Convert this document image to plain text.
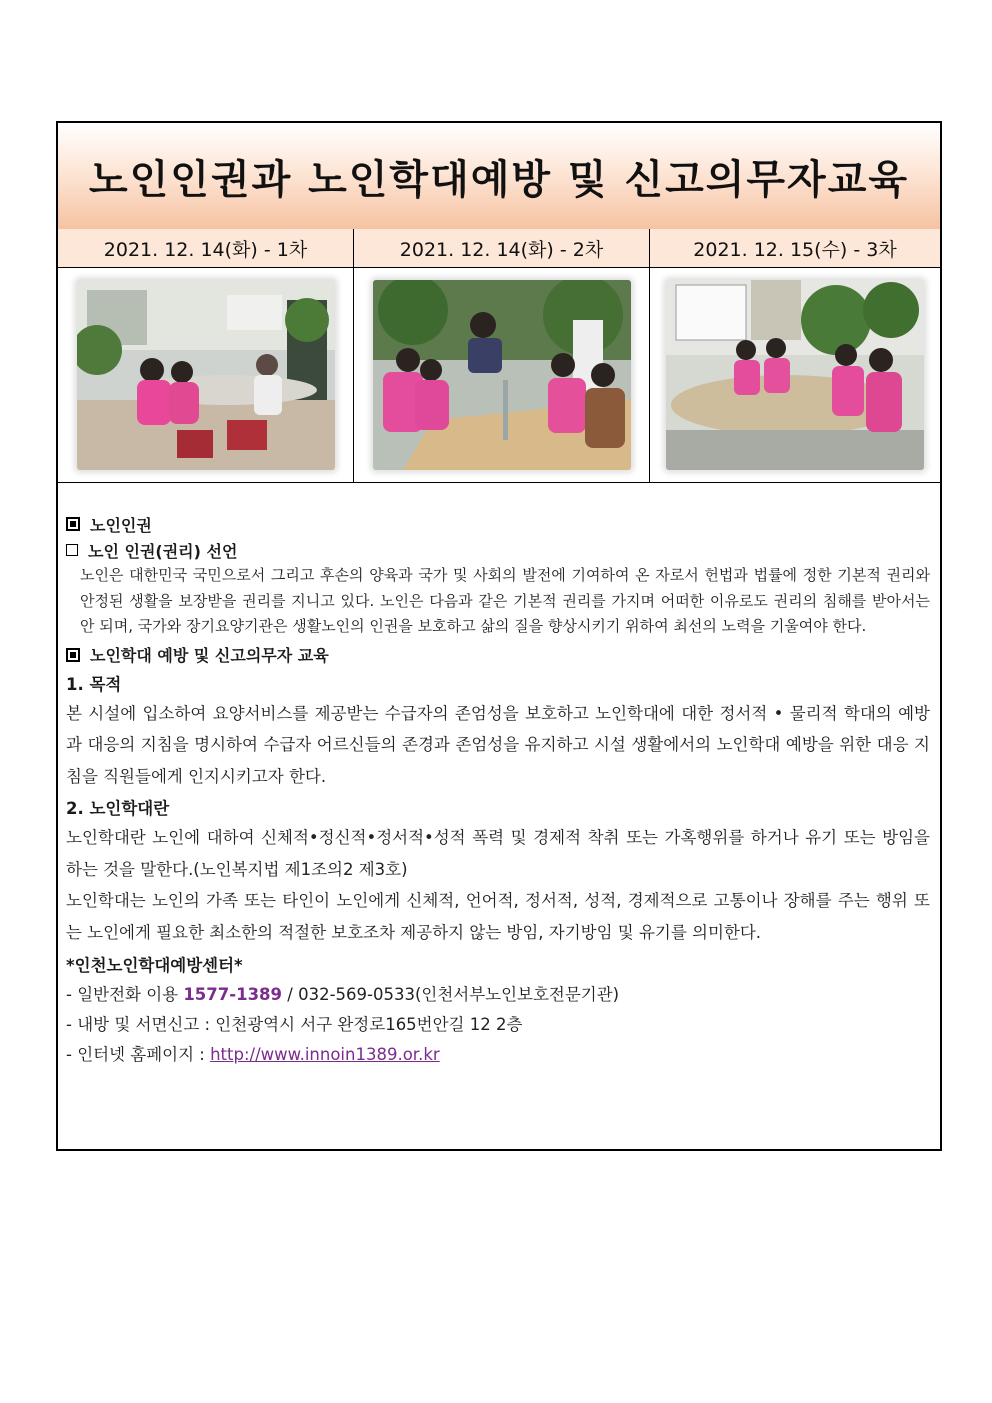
노인인권과 노인학대예방 및 신고의무자교육
2021. 12. 14(화) - 1차	2021. 12. 14(화) - 2차	2021. 12. 15(수) - 3차
노인인권
노인 인권(권리) 선언
노인은 대한민국 국민으로서 그리고 후손의 양육과 국가 및 사회의 발전에 기여하여 온 자로서 헌법과 법률에 정한 기본적 권리와 안정된 생활을 보장받을 권리를 지니고 있다. 노인은 다음과 같은 기본적 권리를 가지며 어떠한 이유로도 권리의 침해를 받아서는 안 되며, 국가와 장기요양기관은 생활노인의 인권을 보호하고 삶의 질을 향상시키기 위하여 최선의 노력을 기울여야 한다.
노인학대 예방 및 신고의무자 교육
1. 목적
본 시설에 입소하여 요양서비스를 제공받는 수급자의 존엄성을 보호하고 노인학대에 대한 정서적 • 물리적 학대의 예방과 대응의 지침을 명시하여 수급자 어르신들의 존경과 존엄성을 유지하고 시설 생활에서의 노인학대 예방을 위한 대응 지침을 직원들에게 인지시키고자 한다.
2. 노인학대란
노인학대란 노인에 대하여 신체적•정신적•정서적•성적 폭력 및 경제적 착취 또는 가혹행위를 하거나 유기 또는 방임을 하는 것을 말한다.(노인복지법 제1조의2 제3호)
노인학대는 노인의 가족 또는 타인이 노인에게 신체적, 언어적, 정서적, 성적, 경제적으로 고통이나 장해를 주는 행위 또는 노인에게 필요한 최소한의 적절한 보호조차 제공하지 않는 방임, 자기방임 및 유기를 의미한다.
*인천노인학대예방센터*
- 일반전화 이용 1577-1389 / 032-569-0533(인천서부노인보호전문기관)
- 내방 및 서면신고 : 인천광역시 서구 완정로165번안길 12 2층
- 인터넷 홈페이지 : http://www.innoin1389.or.kr
